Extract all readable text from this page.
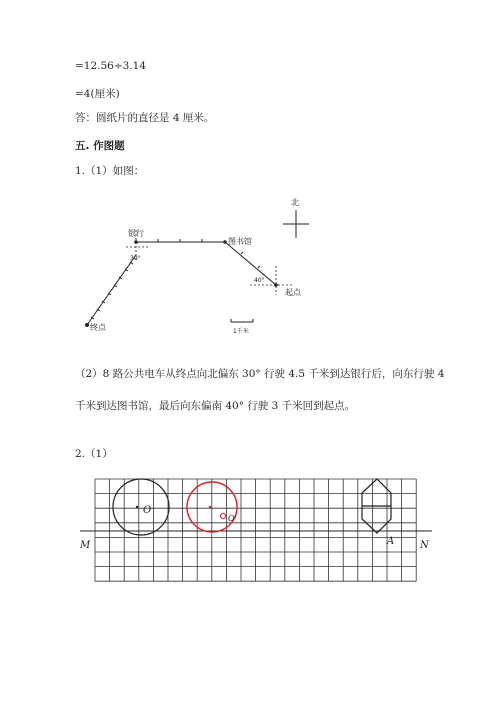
=12.56÷3.14
=4(厘米)
答：圆纸片的直径是 4 厘米。
五. 作图题
1.（1）如图：
北
银行
30°
图书馆
40°
起点
终点	1千米
（2）8 路公共电车从终点向北偏东 30° 行驶 4.5 千米到达银行后，向东行驶 4
千米到达图书馆，最后向东偏南 40° 行驶 3 千米回到起点。
2.（1）
M	N
O
O'
A
